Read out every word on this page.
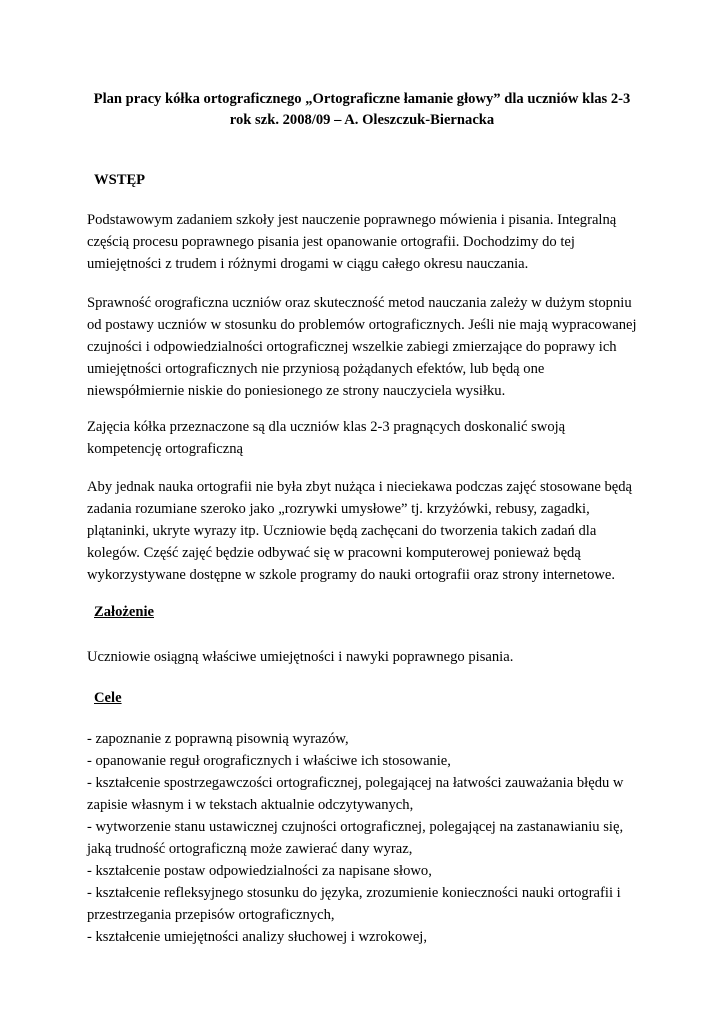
Plan pracy kółka ortograficznego „Ortograficzne łamanie głowy” dla uczniów klas 2-3
rok szk. 2008/09 – A. Oleszczuk-Biernacka
WSTĘP
Podstawowym zadaniem szkoły jest nauczenie poprawnego mówienia i pisania. Integralną
częścią procesu poprawnego pisania jest opanowanie ortografii. Dochodzimy do tej
umiejętności z trudem i różnymi drogami w ciągu całego okresu nauczania.
Sprawność orograficzna uczniów oraz skuteczność metod nauczania zależy w dużym stopniu
od postawy uczniów w stosunku do problemów ortograficznych. Jeśli nie mają wypracowanej
czujności i odpowiedzialności ortograficznej wszelkie zabiegi zmierzające do poprawy ich
umiejętności ortograficznych nie przyniosą pożądanych efektów, lub będą one
niewspółmiernie niskie do poniesionego ze strony nauczyciela wysiłku.
Zajęcia kółka przeznaczone są dla uczniów klas 2-3 pragnących doskonalić swoją
kompetencję ortograficzną
Aby jednak nauka ortografii nie była zbyt nużąca i nieciekawa podczas zajęć stosowane będą
zadania rozumiane szeroko jako „rozrywki umysłowe” tj. krzyżówki, rebusy, zagadki,
plątaninki, ukryte wyrazy itp. Uczniowie będą zachęcani do tworzenia takich zadań dla
kolegów. Część zajęć będzie odbywać się w pracowni komputerowej ponieważ będą
wykorzystywane dostępne w szkole programy do nauki ortografii oraz strony internetowe.
Założenie
Uczniowie osiągną właściwe umiejętności i nawyki poprawnego pisania.
Cele
- zapoznanie z poprawną pisownią wyrazów,
- opanowanie reguł orograficznych i właściwe ich stosowanie,
- kształcenie spostrzegawczości ortograficznej, polegającej na łatwości zauważania błędu w
zapisie własnym i w tekstach aktualnie odczytywanych,
- wytworzenie stanu ustawicznej czujności ortograficznej, polegającej na zastanawianiu się,
jaką trudność ortograficzną może zawierać dany wyraz,
- kształcenie postaw odpowiedzialności za napisane słowo,
- kształcenie refleksyjnego stosunku do języka, zrozumienie konieczności nauki ortografii i
przestrzegania przepisów ortograficznych,
- kształcenie umiejętności analizy słuchowej i wzrokowej,
